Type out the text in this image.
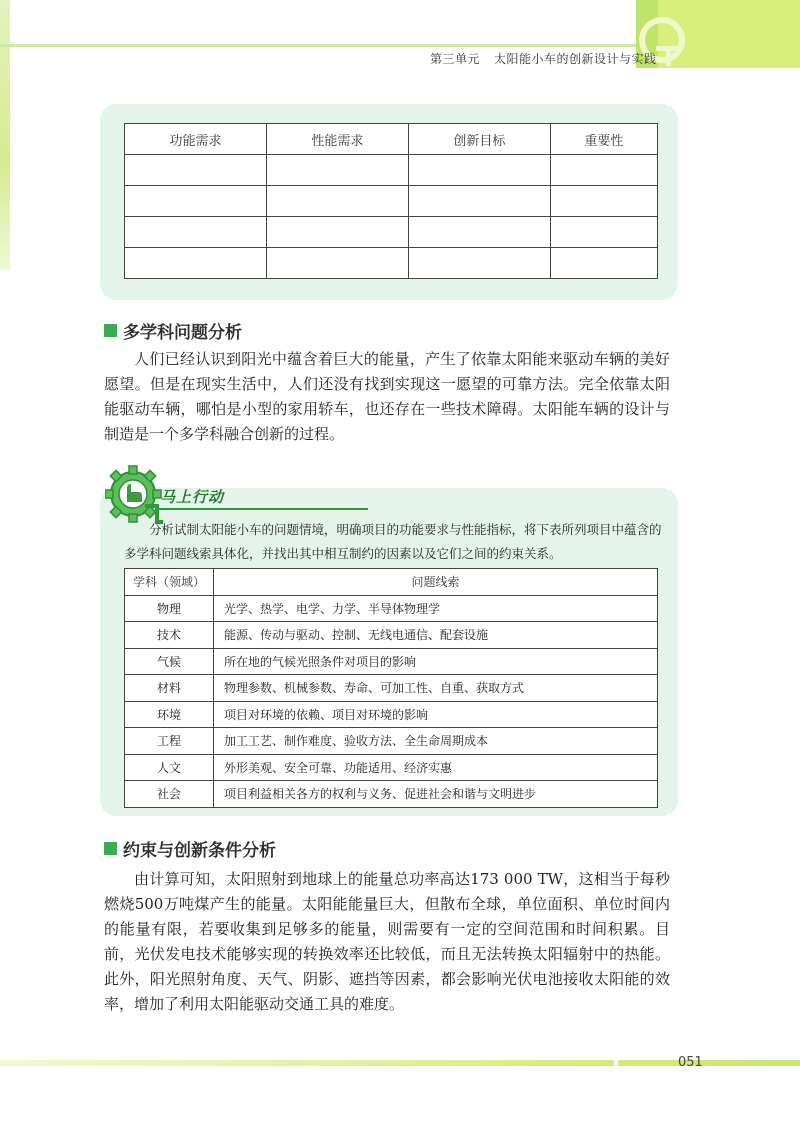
第三单元 太阳能小车的创新设计与实践
功能需求	性能需求	创新目标	重要性

多学科问题分析
人们已经认识到阳光中蕴含着巨大的能量，产生了依靠太阳能来驱动车辆的美好愿望。但是在现实生活中，人们还没有找到实现这一愿望的可靠方法。完全依靠太阳能驱动车辆，哪怕是小型的家用轿车，也还存在一些技术障碍。太阳能车辆的设计与制造是一个多学科融合创新的过程。
马上行动
分析试制太阳能小车的问题情境，明确项目的功能要求与性能指标，将下表所列项目中蕴含的多学科问题线索具体化，并找出其中相互制约的因素以及它们之间的约束关系。
学科（领域）	问题线索
物理	光学、热学、电学、力学、半导体物理学
技术	能源、传动与驱动、控制、无线电通信、配套设施
气候	所在地的气候光照条件对项目的影响
材料	物理参数、机械参数、寿命、可加工性、自重、获取方式
环境	项目对环境的依赖、项目对环境的影响
工程	加工工艺、制作难度、验收方法、全生命周期成本
人文	外形美观、安全可靠、功能适用、经济实惠
社会	项目利益相关各方的权利与义务、促进社会和谐与文明进步
约束与创新条件分析
由计算可知，太阳照射到地球上的能量总功率高达173 000 TW，这相当于每秒燃烧500万吨煤产生的能量。太阳能能量巨大，但散布全球，单位面积、单位时间内的能量有限，若要收集到足够多的能量，则需要有一定的空间范围和时间积累。目前，光伏发电技术能够实现的转换效率还比较低，而且无法转换太阳辐射中的热能。此外，阳光照射角度、天气、阴影、遮挡等因素，都会影响光伏电池接收太阳能的效率，增加了利用太阳能驱动交通工具的难度。
051
